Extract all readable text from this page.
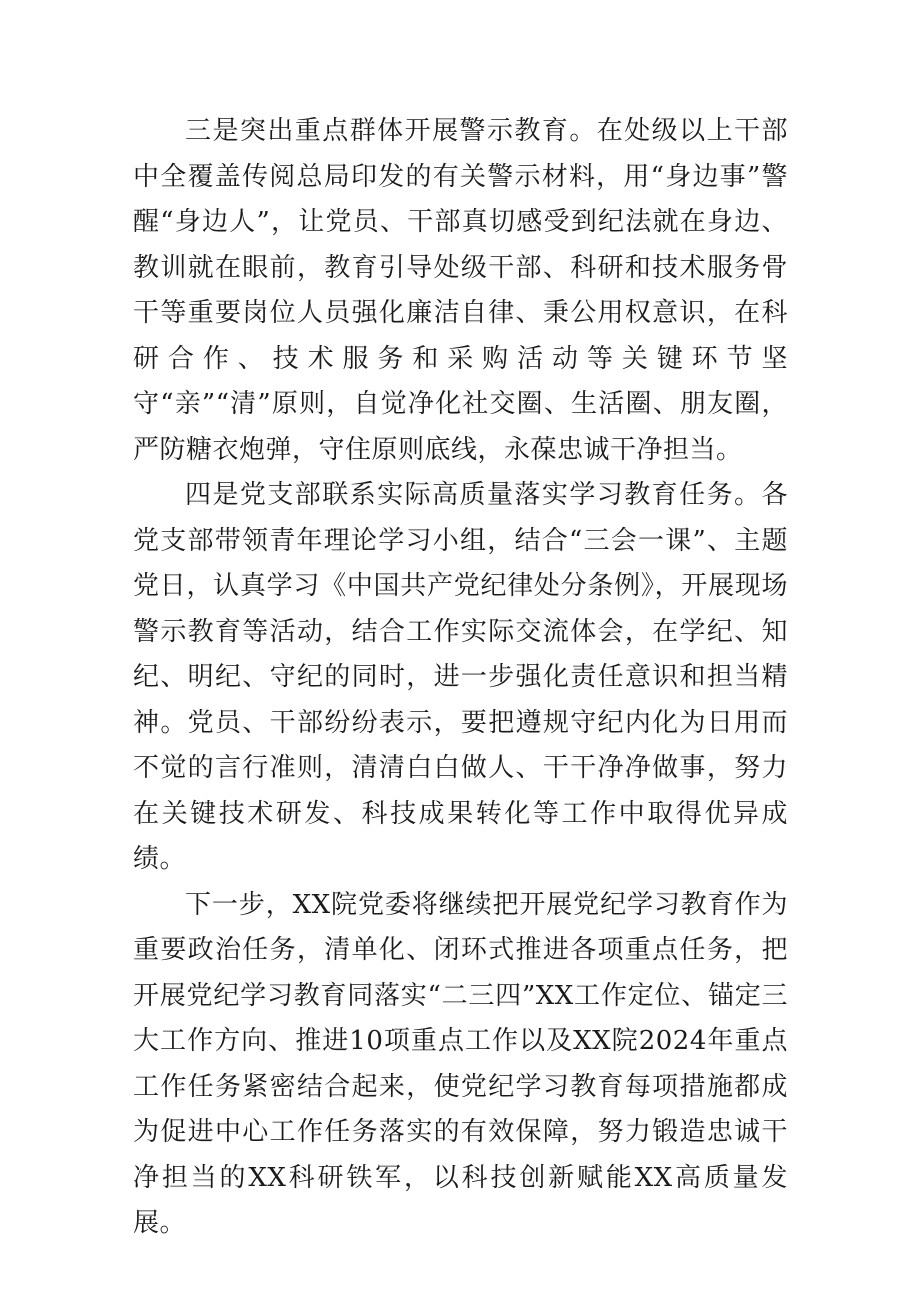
三是突出重点群体开展警示教育。在处级以上干部中全覆盖传阅总局印发的有关警示材料，用“身边事”警醒“身边人”，让党员、干部真切感受到纪法就在身边、教训就在眼前，教育引导处级干部、科研和技术服务骨干等重要岗位人员强化廉洁自律、秉公用权意识，在科研合作、技术服务和采购活动等关键环节坚守“亲”“清”原则，自觉净化社交圈、生活圈、朋友圈，严防糖衣炮弹，守住原则底线，永葆忠诚干净担当。

四是党支部联系实际高质量落实学习教育任务。各党支部带领青年理论学习小组，结合“三会一课”、主题党日，认真学习《中国共产党纪律处分条例》，开展现场警示教育等活动，结合工作实际交流体会，在学纪、知纪、明纪、守纪的同时，进一步强化责任意识和担当精神。党员、干部纷纷表示，要把遵规守纪内化为日用而不觉的言行准则，清清白白做人、干干净净做事，努力在关键技术研发、科技成果转化等工作中取得优异成绩。

下一步，XX院党委将继续把开展党纪学习教育作为重要政治任务，清单化、闭环式推进各项重点任务，把开展党纪学习教育同落实“二三四”XX工作定位、锚定三大工作方向、推进10项重点工作以及XX院2024年重点工作任务紧密结合起来，使党纪学习教育每项措施都成为促进中心工作任务落实的有效保障，努力锻造忠诚干净担当的XX科研铁军，以科技创新赋能XX高质量发展。
